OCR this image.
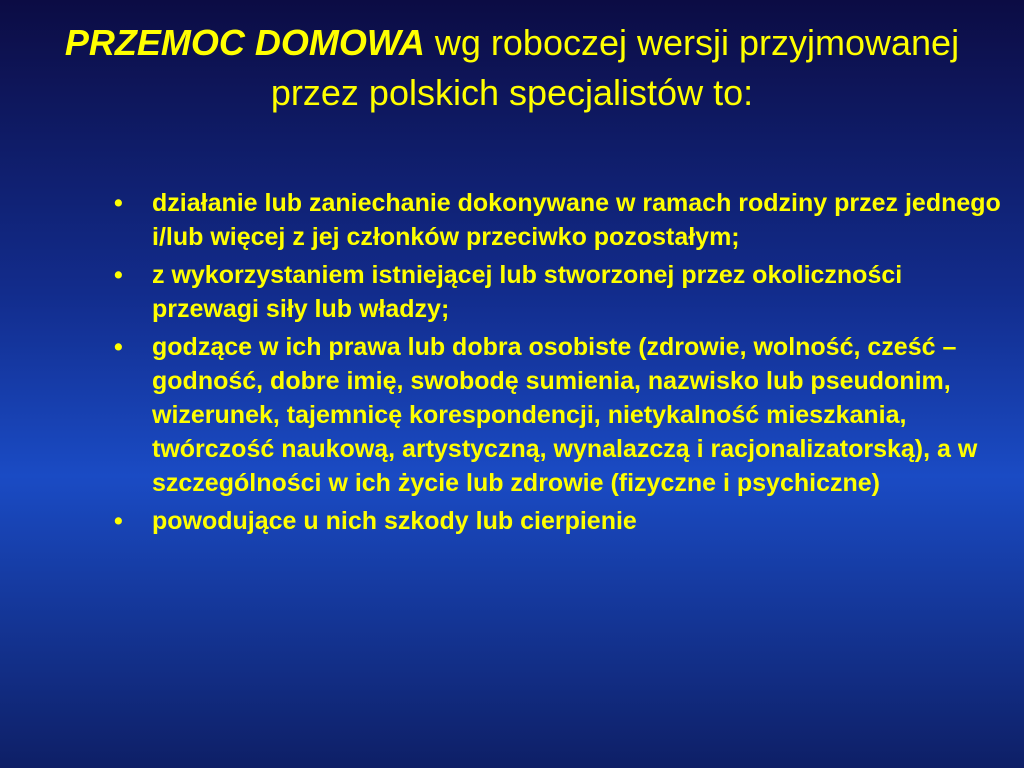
PRZEMOC DOMOWA wg roboczej wersji przyjmowanej przez polskich specjalistów to:
• działanie lub zaniechanie dokonywane w ramach rodziny przez jednego i/lub więcej z jej członków przeciwko pozostałym;
• z wykorzystaniem istniejącej lub stworzonej przez okoliczności przewagi siły lub władzy;
• godzące w ich prawa lub dobra osobiste (zdrowie, wolność, cześć – godność, dobre imię, swobodę sumienia, nazwisko lub pseudonim, wizerunek, tajemnicę korespondencji, nietykalność mieszkania, twórczość naukową, artystyczną, wynalazczą i racjonalizatorską), a w szczególności w ich życie lub zdrowie (fizyczne i psychiczne)
• powodujące u nich szkody lub cierpienie
